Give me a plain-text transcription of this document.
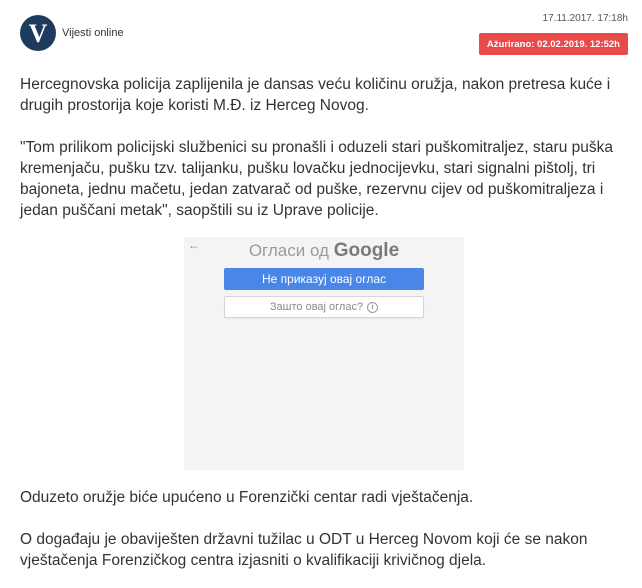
V Vijesti online
17.11.2017. 17:18h
Ažurirano: 02.02.2019. 12:52h

Hercegnovska policija zaplijenila je dansas veću količinu oružja, nakon pretresa kuće i drugih prostorija koje koristi M.Đ. iz Herceg Novog.

"Tom prilikom policijski službenici su pronašli i oduzeli stari puškomitraljez, staru puška kremenjaču, pušku tzv. talijanku, pušku lovačku jednocijevku, stari signalni pištolj, tri bajoneta, jednu mačetu, jedan zatvarač od puške, rezervnu cijev od puškomitraljeza i jedan puščani metak", saopštili su iz Uprave policije.

Oduzeto oružje biće upućeno u Forenzički centar radi vještačenja.

O događaju je obaviješten državni tužilac u ODT u Herceg Novom koji će se nakon vještačenja Forenzičkog centra izjasniti o kvalifikaciji krivičnog djela.

←	Огласи од Google
Не приказуј овај оглас
Зашто овај оглас?	i
